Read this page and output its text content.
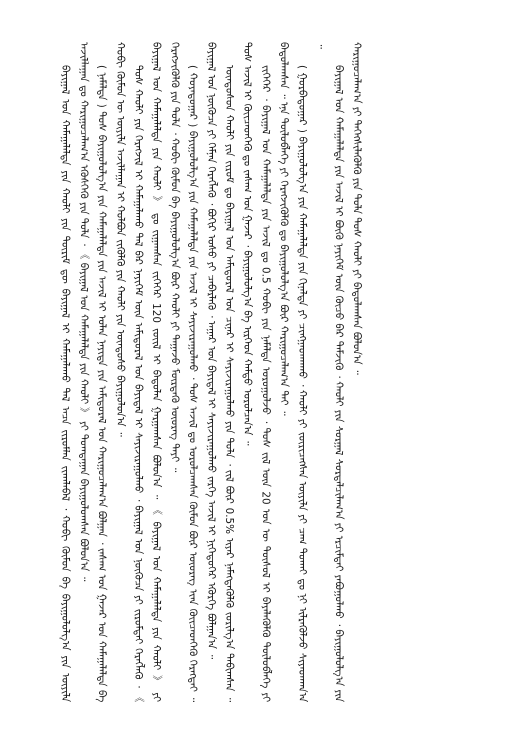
ᠪᠠᠶᠢᠭᠠᠯ ᠤᠨ ᠬᠠᠮᠠᠭᠠᠯᠠᠯᠲᠠ ᠶᠢᠨ ᠬᠠᠤᠯᠢ ᠶᠢᠨ ᠳᠦᠷᠢᠮ ᠳᠦ ᠪᠠᠶᠢᠭᠠᠯ ᠢ ᠬᠠᠮᠠᠭᠠᠯᠠᠬᠤ ᠲᠠᠯ ᠠᠴᠠ ᠵᠢᠷᠤᠮᠯᠠᠨ ᠵᠢᠬᠠᠯᠠᠪᠠᠯ ᠂ ᠬᠤᠪᠢ ᠬᠦᠮᠦᠨ ᠪᠠ ᠪᠠᠶᠢᠭᠤᠯᠤᠯᠭ᠎ᠠ ᠶᠢᠨ ᠦᠶᠢᠯᠡ ᠠᠵᠢᠯᠯᠠᠭᠠᠨ ᠳᠤ ᠬᠠᠷᠢᠭᠤᠴᠠᠯᠠᠭ᠎ᠠ ᠡᠭᠦᠰᠬᠡᠬᠦ ᠶᠢᠨ ᠲᠤᠯᠠ ᠂ 《 ᠪᠠᠶᠢᠭᠠᠯ ᠤᠨ ᠬᠠᠮᠠᠭᠠᠯᠠᠯᠲᠠ ᠶᠢᠨ ᠬᠠᠤᠯᠢ 》 ᠶᠢ ᠲᠤᠭᠳᠠᠭᠠᠨ ᠪᠠᠶᠢᠭᠤᠯᠤᠭᠰᠠᠨ ᠪᠤᠯᠤᠨ᠎ᠠ ᠃ ( ᠨᠡᠮᠡᠯᠲᠡ ) ᠲᠤᠰ ᠪᠠᠶᠢᠭᠤᠯᠤᠯᠭ᠎ᠠ ᠶᠢᠨ ᠬᠠᠮᠠᠭᠠᠯᠠᠯᠲᠠ ᠶᠢᠨ ᠠᠵᠢᠯ ᠢ ᠣᠯᠠᠨ ᠨᠡᠶᠢᠲᠡ ᠶᠢᠨ ᠠᠮᠢᠳᠤᠷᠠᠯ ᠤᠨ ᠬᠠᠷᠢᠭᠤᠴᠠᠯᠠᠭ᠎ᠠ ᠪᠤᠯᠭᠠᠨ ᠂ ᠵᠠᠰᠠᠭ ᠤᠨ ᠭᠠᠵᠠᠷ ᠤᠨ ᠬᠠᠮᠠᠭᠠᠯᠠᠯᠲᠠ ᠪᠠ ᠬᠤᠪᠢ ᠬᠦᠮᠦᠨ ᠦ ᠦᠶᠢᠯᠡ ᠠᠵᠢᠯᠯᠠᠭᠠᠨ ᠢ ᠬᠤᠯᠪᠤᠨ ᠵᠢᠭᠦᠯᠬᠦ ᠶᠢᠨ ᠬᠠᠤᠯᠢ ᠶᠢᠨ ᠦᠨᠳᠦᠰᠦ ᠪᠠᠶᠢᠭᠤᠯᠤᠨ᠎ᠠ ᠃ ᠲᠤᠰ ᠬᠠᠤᠯᠢ ᠶᠢᠨ ᠬᠡᠷᠡᠭᠵᠢᠯ ᠢ ᠬᠠᠮᠠᠭᠠᠯᠠᠬᠤ ᠲᠠᠯ ᠪᠠᠷ ᠨᠡᠶᠢᠭᠡᠮ ᠦᠨ ᠠᠮᠢᠳᠤᠷᠠᠯ ᠤᠨ ᠪᠠᠶᠢᠳᠠᠯ ᠢ ᠰᠠᠶᠢᠵᠢᠷᠠᠭᠤᠯᠬᠤ ᠂ ᠪᠠᠶᠢᠭᠠᠯ ᠤᠨ ᠨᠦᠭᠦᠴᠡ ᠶᠢ ᠵᠢᠷᠤᠮᠲᠠᠢ ᠬᠡᠷᠡᠭᠯᠡᠬᠦ ᠂ 《 ᠪᠠᠶᠢᠭᠠᠯ ᠤᠨ ᠬᠠᠮᠠᠭᠠᠯᠠᠯᠲᠠ ᠶᠢᠨ ᠬᠠᠤᠯᠢ 》 ᠳᠤ ᠵᠢᠭᠠᠭᠰᠠᠨ ᠵᠢᠬᠡᠬᠡᠷ 120 ᠵᠦᠢᠯ ᠢ ᠪᠠᠲᠤᠯᠠᠨ ᠭᠠᠷᠭᠠᠭᠰᠠᠨ ᠪᠣᠯᠤᠨ᠎ᠠ ᠃ 《 ᠪᠠᠶᠢᠭᠠᠯ ᠤᠨ ᠬᠠᠮᠠᠭᠠᠯᠠᠯᠲᠠ ᠶᠢᠨ ᠬᠠᠤᠯᠢ 》 ᠶᠢ ᠬᠡᠷᠡᠭᠵᠢᠭᠦᠯᠬᠦ ᠶᠢᠨ ᠲᠤᠯᠠ ᠂ ᠬᠤᠪᠢ ᠬᠦᠮᠦᠨ ᠪᠠ ᠪᠠᠶᠢᠭᠤᠯᠤᠯᠭ᠎ᠠ ᠪᠦᠷ ᠬᠠᠤᠯᠢ ᠶᠢ ᠳᠠᠭᠠᠵᠤ ᠮᠦᠷᠳᠡᠬᠦ ᠦᠦᠷᠡᠭ ᠲᠡᠶᠢ ᠃ ( ᠬᠣᠶᠠᠳᠤᠭᠠᠷ ) ᠪᠠᠶᠢᠭᠤᠯᠤᠯᠭ᠎ᠠ ᠶᠢᠨ ᠬᠠᠮᠠᠭᠠᠯᠠᠯᠲᠠ ᠶᠢᠨ ᠠᠵᠢᠯ ᠢ ᠰᠠᠶᠢᠵᠢᠷᠠᠭᠤᠯᠬᠤ ᠂ ᠲᠤᠰ ᠠᠵᠢᠯ ᠳᠤ ᠣᠷᠤᠯᠴᠠᠭᠰᠠᠨ ᠬᠦᠮᠦᠨ ᠪᠦᠷ ᠦᠦᠷᠡᠭ ᠢᠡᠨ ᠭᠦᠢᠴᠡᠳᠬᠡᠬᠦ ᠬᠡᠷᠡᠭᠲᠡᠢ ᠃ ᠪᠠᠶᠢᠭᠠᠯ ᠤᠨ ᠨᠦᠭᠦᠴᠡ ᠶᠢ ᠬᠡᠮᠨᠡᠨ ᠬᠡᠷᠡᠭᠯᠡᠬᠦ ᠂ ᠪᠣᠬᠢᠷ ᠤᠰᠤ ᠶᠢ ᠴᠡᠪᠡᠷᠯᠡᠬᠦ ᠂ ᠠᠭᠠᠷ ᠤᠨ ᠪᠠᠶᠢᠳᠠᠯ ᠢ ᠰᠠᠶᠢᠵᠢᠷᠠᠭᠤᠯᠬᠤ ᠵᠡᠷᠭᠡ ᠠᠵᠢᠯ ᠢ ᠨᠢᠭᠡᠳᠦᠭᠡᠷ ᠡᠭᠦᠷᠭᠡ ᠪᠣᠯᠭᠠᠨ᠎ᠠ ᠃ ᠦᠨᠳᠦᠰᠦᠨ ᠬᠠᠤᠯᠢ ᠶᠢᠨ ᠵᠢᠷᠤᠮ ᠳᠤ ᠪᠠᠶᠢᠭᠠᠯ ᠤᠨ ᠠᠮᠢᠳᠤᠷᠠᠯ ᠤᠨ ᠴᠢᠨᠠᠷ ᠢ ᠰᠠᠶᠢᠵᠢᠷᠠᠭᠤᠯᠬᠤ ᠶᠢᠨ ᠲᠤᠯᠠ ᠂ ᠵᠢᠯ ᠪᠦᠷ 0.5% ᠢᠶᠠᠷ ᠨᠡᠮᠡᠭᠳᠡᠭᠦᠯᠬᠦ ᠵᠣᠷᠢᠯᠭ᠎ᠠ ᠲᠠᠪᠢᠭᠰᠠᠨ ᠃ ᠲᠤᠰ ᠠᠵᠢᠯ ᠢ ᠭᠦᠢᠴᠡᠳᠬᠡᠬᠦ ᠳᠤ ᠵᠠᠰᠠᠭ ᠤᠨ ᠭᠠᠵᠠᠷ ᠂ ᠪᠠᠶᠢᠭᠤᠯᠤᠯᠭ᠎ᠠ ᠪᠠ ᠢᠷᠭᠡᠳ ᠬᠠᠮᠲᠤ ᠣᠷᠤᠯᠴᠠᠨ᠎ᠠ ᠃ ᠵᠢᠬᠡᠬᠡᠷ ᠂ ᠪᠠᠶᠢᠭᠠᠯ ᠤᠨ ᠬᠠᠮᠠᠭᠠᠯᠠᠯᠲᠠ ᠶᠢᠨ ᠠᠵᠢᠯ ᠳᠤ 0.5 ᠬᠤᠪᠢ ᠶᠢᠨ ᠨᠡᠮᠡᠯᠲᠡ ᠣᠷᠣᠭᠤᠯᠵᠤ ᠂ ᠲᠤᠰ ᠵᠢᠯ ᠦᠨ 20 ᠣᠨ ᠦ ᠲᠥᠰᠥᠯ ᠢ ᠪᠡᠶᠡᠯᠡᠭᠦᠯᠬᠦ ᠲᠥᠯᠥᠪᠯᠡᠭᠡ ᠶᠢ ᠪᠠᠲᠤᠯᠠᠭᠰᠠᠨ ᠃ ᠡᠨᠡ ᠲᠥᠯᠥᠪᠯᠡᠭᠡ ᠶᠢ ᠬᠡᠷᠡᠭᠵᠢᠭᠦᠯᠬᠦ ᠳᠤ ᠪᠠᠶᠢᠭᠤᠯᠤᠯᠭ᠎ᠠ ᠪᠦᠷ ᠬᠠᠷᠢᠭᠤᠴᠠᠯᠠᠭ᠎ᠠ ᠲᠠᠶ ᠃ ( ᠭᠤᠷᠪᠠᠳᠤᠭᠠᠷ ) ᠪᠠᠶᠢᠭᠤᠯᠤᠯᠭ᠎ᠠ ᠶᠢᠨ ᠬᠠᠮᠠᠭᠠᠯᠠᠯᠲᠠ ᠶᠢᠨ ᠬᠢᠨᠠᠯᠲᠠ ᠶᠢ ᠴᠢᠩᠭᠠᠳᠬᠠᠬᠤ ᠂ ᠬᠠᠤᠯᠢ ᠶᠢ ᠵᠥᠷᠢᠴᠡᠭᠰᠡᠨ ᠦᠶᠢᠯᠡ ᠶᠢ ᠴᠠᠭ ᠲᠤᠬᠠᠶ ᠳᠤ ᠨᠢ ᠢᠯᠷᠡᠭᠦᠯᠵᠦ ᠰᠢᠶᠠᠳᠬᠠᠨ᠎ᠠ ᠃

ᠪᠠᠶᠢᠭᠠᠯ ᠤᠨ ᠬᠠᠮᠠᠭᠠᠯᠠᠯᠲᠠ ᠶᠢᠨ ᠠᠵᠢᠯ ᠢ ᠪᠦᠬᠦ ᠨᠡᠶᠢᠭᠡᠮ ᠦᠨ ᠬᠦᠴᠦ ᠪᠡᠷ ᠳᠡᠮᠵᠢᠬᠦ ᠂ ᠬᠠᠤᠯᠢ ᠶᠢᠨ ᠰᠤᠷᠭᠠᠯ ᠰᠤᠷᠲᠠᠯᠴᠢᠯᠠᠭ᠎ᠠ ᠶᠢ ᠡᠷᠴᠢᠮᠲᠡᠶ ᠶᠠᠪᠤᠭᠤᠯᠬᠤ ᠂ ᠪᠠᠶᠢᠭᠤᠯᠤᠯᠭ᠎ᠠ ᠶᠢᠨ ᠬᠠᠷᠢᠭᠤᠴᠠᠯᠠᠭ᠎ᠠ ᠶᠢ ᠳᠡᠭᠡᠭᠰᠢᠯᠡᠭᠦᠯᠬᠦ ᠶᠢᠨ ᠲᠤᠯᠠ ᠲᠤᠰ ᠬᠠᠤᠯᠢ ᠶᠢ ᠪᠠᠲᠤᠯᠠᠭᠰᠠᠨ ᠪᠣᠯᠤᠨ᠎ᠠ ᠃
